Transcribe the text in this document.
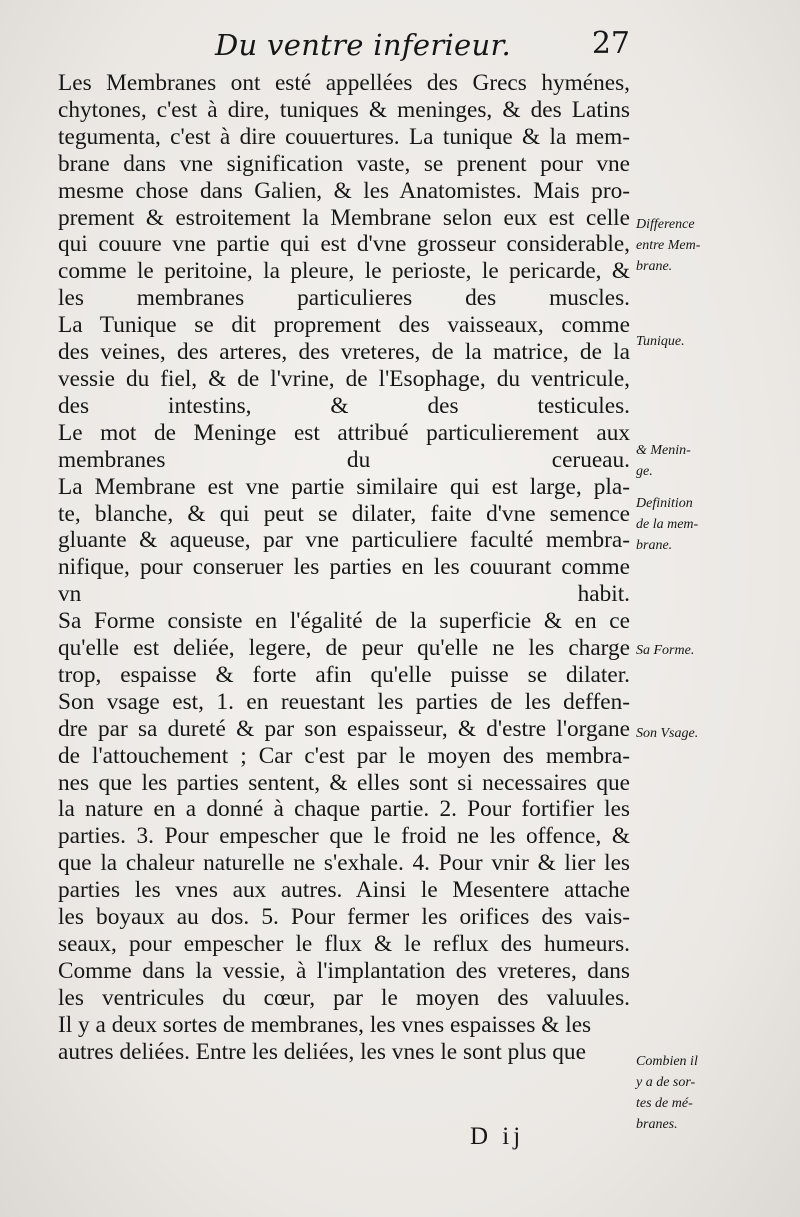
Du ventre inferieur.	27

Les Membranes ont esté appellées des Grecs hyménes,
chytones, c'est à dire, tuniques & meninges, & des Latins
tegumenta, c'est à dire couuertures. La tunique & la mem-
brane dans vne signification vaste, se prenent pour vne
mesme chose dans Galien, & les Anatomistes. Mais pro-
prement & estroitement la Membrane selon eux est celle
qui couure vne partie qui est d'vne grosseur considerable,
comme le peritoine, la pleure, le perioste, le pericarde, &
les membranes particulieres des muscles.

La Tunique se dit proprement des vaisseaux, comme
des veines, des arteres, des vreteres, de la matrice, de la
vessie du fiel, & de l'vrine, de l'Esophage, du ventricule,
des intestins, & des testicules.

Le mot de Meninge est attribué particulierement aux
membranes du cerueau.

La Membrane est vne partie similaire qui est large, pla-
te, blanche, & qui peut se dilater, faite d'vne semence
gluante & aqueuse, par vne particuliere faculté membra-
nifique, pour conseruer les parties en les couurant comme
vn habit.

Sa Forme consiste en l'égalité de la superficie & en ce
qu'elle est deliée, legere, de peur qu'elle ne les charge
trop, espaisse & forte afin qu'elle puisse se dilater.

Son vsage est, 1. en reuestant les parties de les deffen-
dre par sa dureté & par son espaisseur, & d'estre l'organe
de l'attouchement ; Car c'est par le moyen des membra-
nes que les parties sentent, & elles sont si necessaires que
la nature en a donné à chaque partie. 2. Pour fortifier les
parties. 3. Pour empescher que le froid ne les offence, &
que la chaleur naturelle ne s'exhale. 4. Pour vnir & lier les
parties les vnes aux autres. Ainsi le Mesentere attache
les boyaux au dos. 5. Pour fermer les orifices des vais-
seaux, pour empescher le flux & le reflux des humeurs.
Comme dans la vessie, à l'implantation des vreteres, dans
les ventricules du cœur, par le moyen des valuules.

Il y a deux sortes de membranes, les vnes espaisses & les
autres deliées. Entre les deliées, les vnes le sont plus que

Difference
entre Mem-
brane.
Tunique.
& Menin-
ge.
Definition
de la mem-
brane.
Sa Forme.
Son Vsage.
Combien il
y a de sor-
tes de mé-
branes.
D ij
